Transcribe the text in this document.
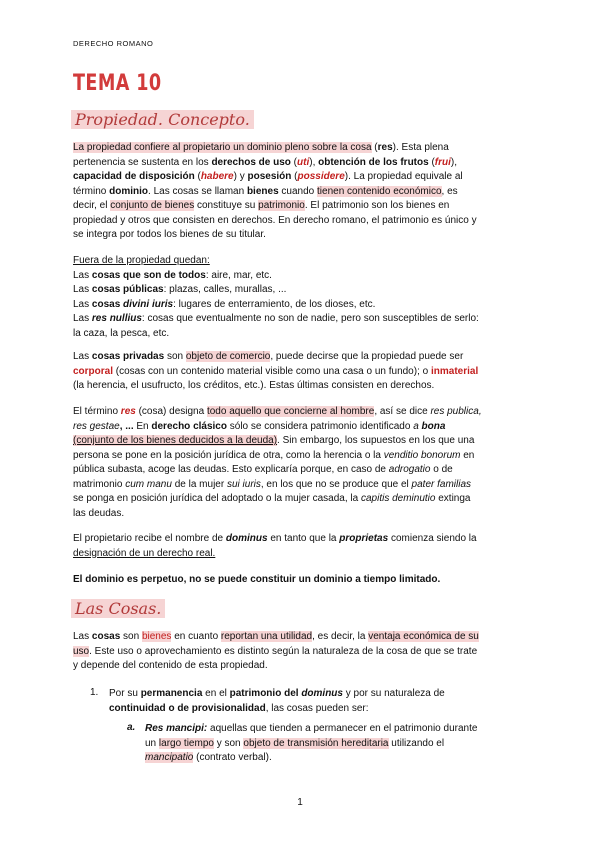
DERECHO ROMANO
TEMA 10
Propiedad. Concepto.
La propiedad confiere al propietario un dominio pleno sobre la cosa (res). Esta plena
pertenencia se sustenta en los derechos de uso (uti), obtención de los frutos (frui),
capacidad de disposición (habere) y posesión (possidere). La propiedad equivale al
término dominio. Las cosas se llaman bienes cuando tienen contenido económico, es
decir, el conjunto de bienes constituye su patrimonio. El patrimonio son los bienes en
propiedad y otros que consisten en derechos. En derecho romano, el patrimonio es único y
se integra por todos los bienes de su titular.
Fuera de la propiedad quedan:
Las cosas que son de todos: aire, mar, etc.
Las cosas públicas: plazas, calles, murallas, ...
Las cosas divini iuris: lugares de enterramiento, de los dioses, etc.
Las res nullius: cosas que eventualmente no son de nadie, pero son susceptibles de serlo:
la caza, la pesca, etc.
Las cosas privadas son objeto de comercio, puede decirse que la propiedad puede ser
corporal (cosas con un contenido material visible como una casa o un fundo); o inmaterial
(la herencia, el usufructo, los créditos, etc.). Estas últimas consisten en derechos.
El término res (cosa) designa todo aquello que concierne al hombre, así se dice res publica,
res gestae, ... En derecho clásico sólo se considera patrimonio identificado a bona
(conjunto de los bienes deducidos a la deuda). Sin embargo, los supuestos en los que una
persona se pone en la posición jurídica de otra, como la herencia o la venditio bonorum en
pública subasta, acoge las deudas. Esto explicaría porque, en caso de adrogatio o de
matrimonio cum manu de la mujer sui iuris, en los que no se produce que el pater familias
se ponga en posición jurídica del adoptado o la mujer casada, la capitis deminutio extinga
las deudas.
El propietario recibe el nombre de dominus en tanto que la proprietas comienza siendo la
designación de un derecho real.
El dominio es perpetuo, no se puede constituir un dominio a tiempo limitado.
Las Cosas.
Las cosas son bienes en cuanto reportan una utilidad, es decir, la ventaja económica de su
uso. Este uso o aprovechamiento es distinto según la naturaleza de la cosa de que se trate
y depende del contenido de esta propiedad.
1. Por su permanencia en el patrimonio del dominus y por su naturaleza de
continuidad o de provisionalidad, las cosas pueden ser:
a. Res mancipi: aquellas que tienden a permanecer en el patrimonio durante
un largo tiempo y son objeto de transmisión hereditaria utilizando el
mancipatio (contrato verbal).
1
